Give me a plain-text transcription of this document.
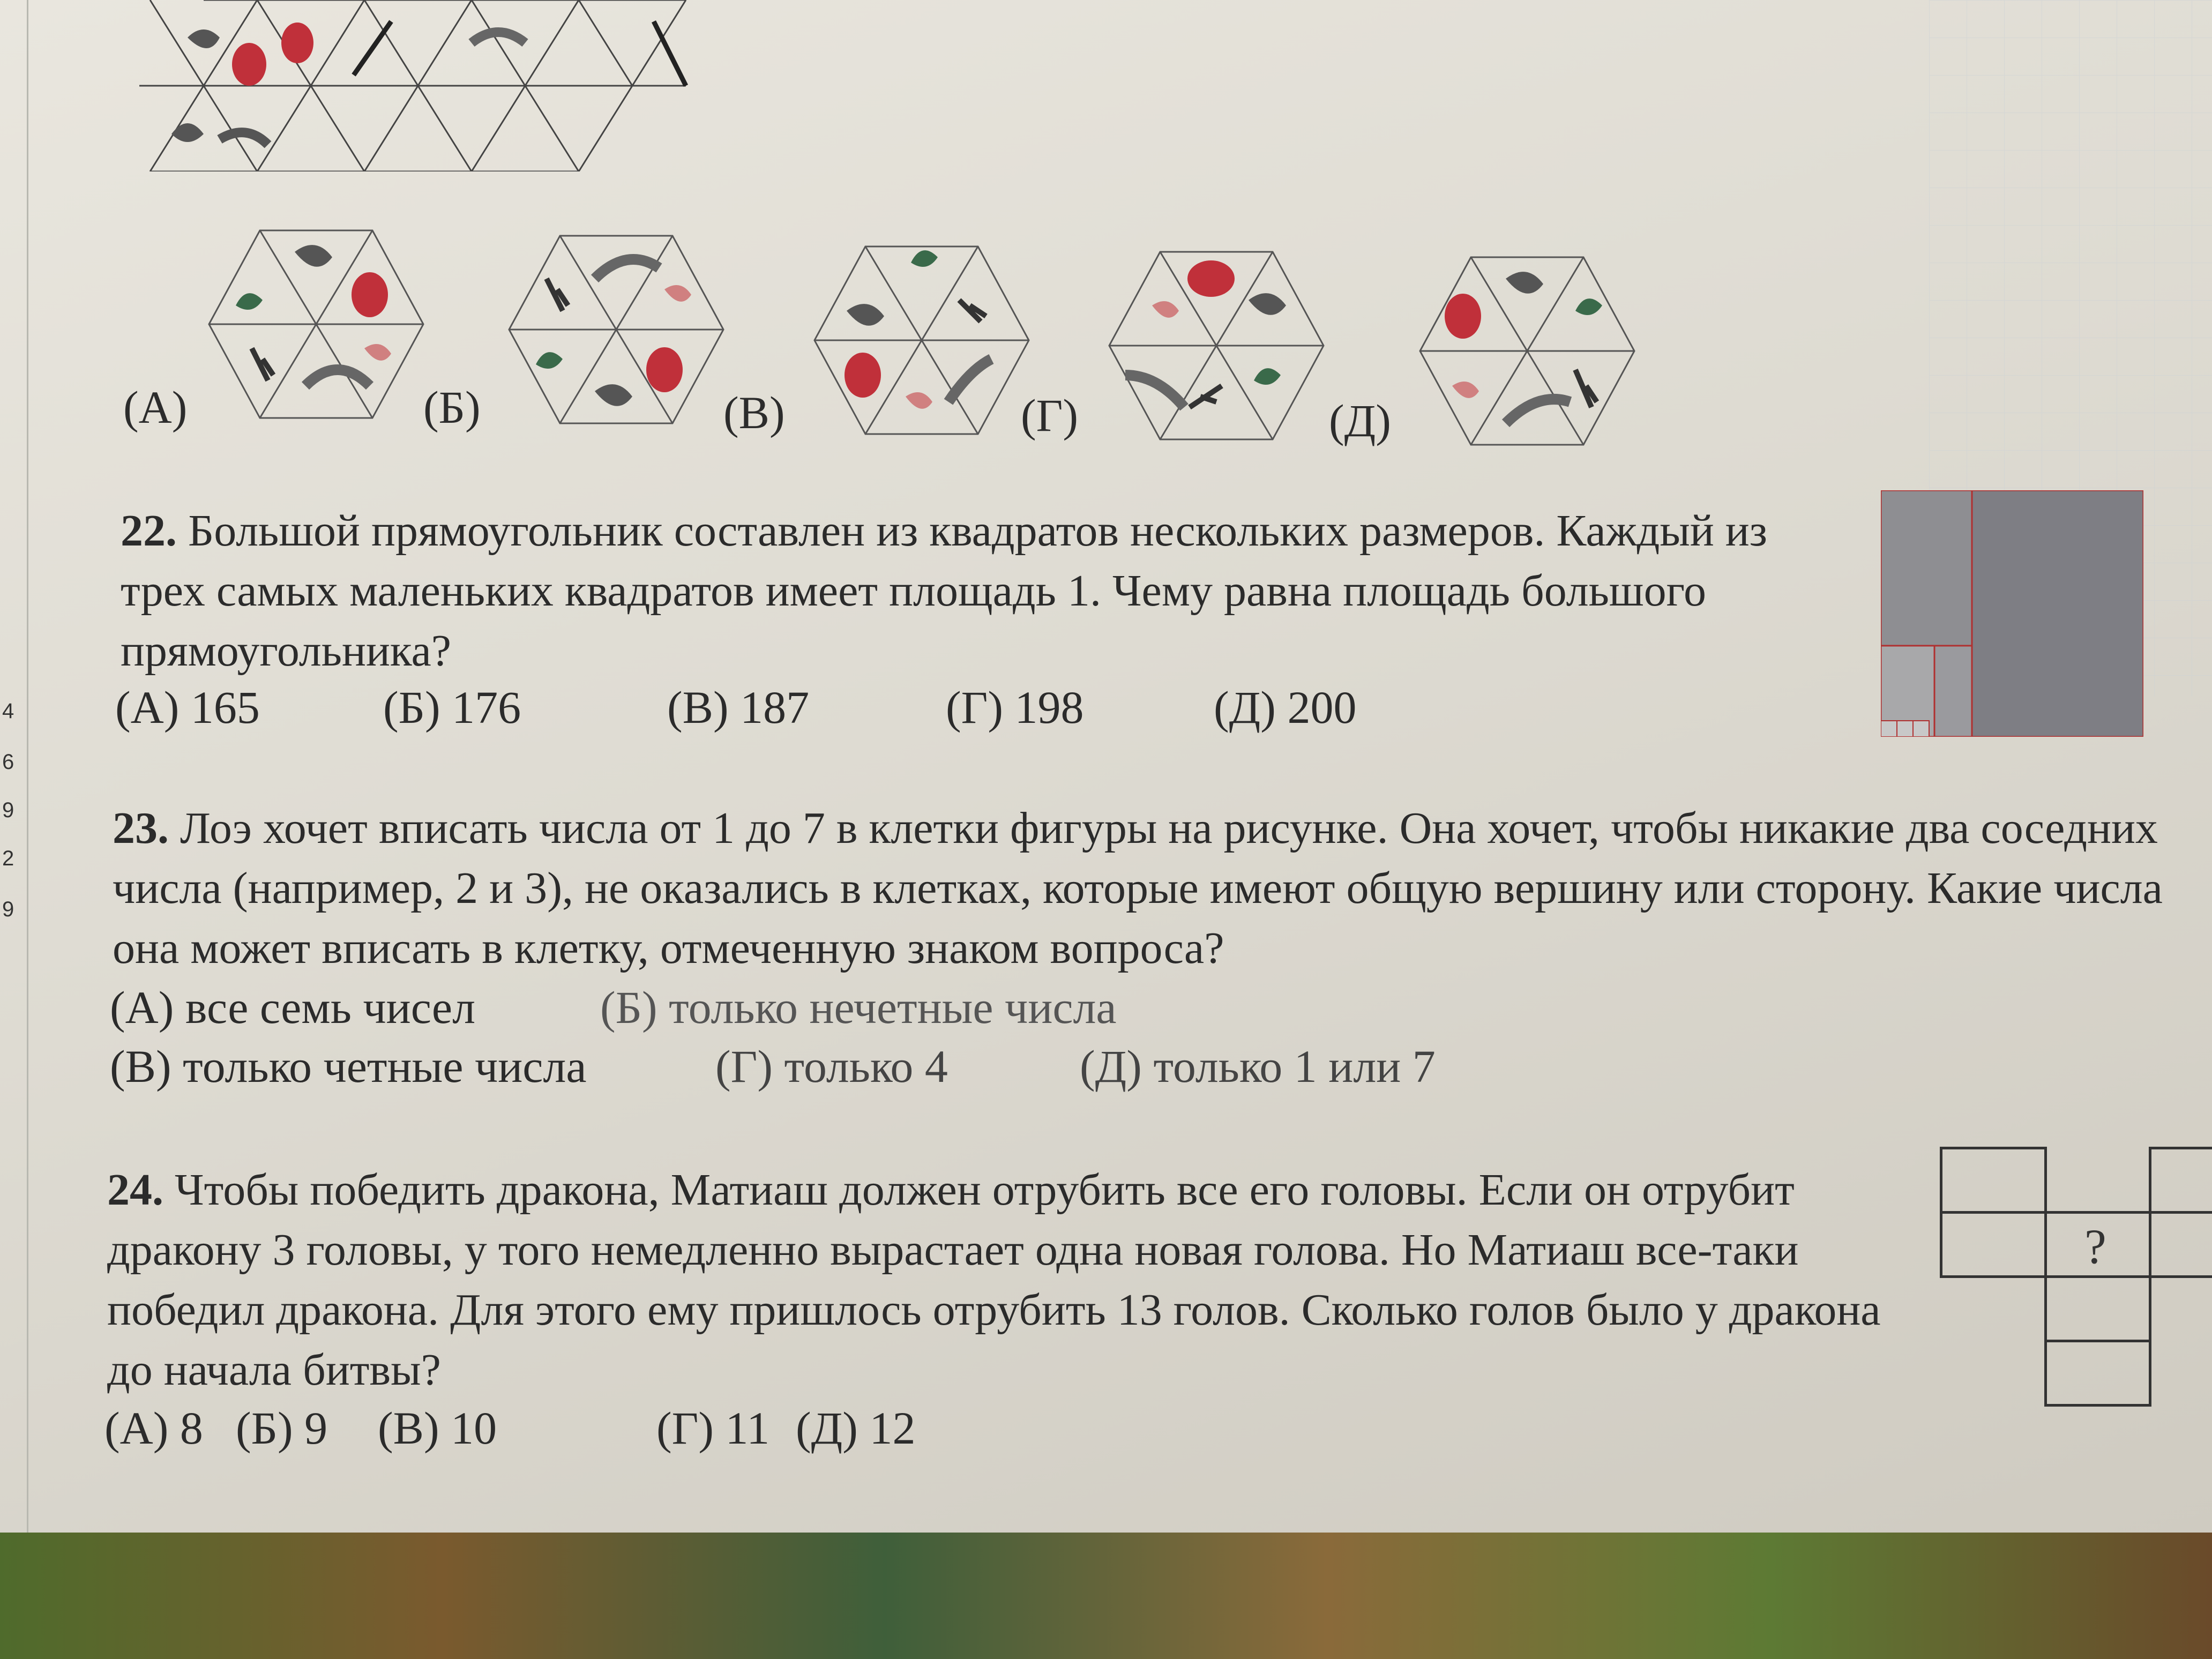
4
6
9
2
9
(А)	(Б)	(В)	(Г)	(Д)
22. Большой прямоугольник составлен из квадратов нескольких размеров. Каждый из трех самых маленьких квадратов имеет площадь 1. Чему равна площадь большого прямоугольника?
(А) 165	(Б) 176	(В) 187	(Г) 198	(Д) 200
23. Лоэ хочет вписать числа от 1 до 7 в клетки фигуры на рисунке. Она хочет, чтобы никакие два соседних числа (например, 2 и 3), не оказались в клетках, которые имеют общую вершину или сторону. Какие числа она может вписать в клетку, отмеченную знаком вопроса?
(А) все семь чисел	(Б) только нечетные числа
(В) только четные числа	(Г) только 4	(Д) только 1 или 7
?
24. Чтобы победить дракона, Матиаш должен отрубить все его головы. Если он отрубит дракону 3 головы, у того немедленно вырастает одна новая голова. Но Матиаш все-таки победил дракона. Для этого ему пришлось отрубить 13 голов. Сколько голов было у дракона до начала битвы?
(А) 8 (Б) 9 (В) 10	(Г) 11 (Д) 12
